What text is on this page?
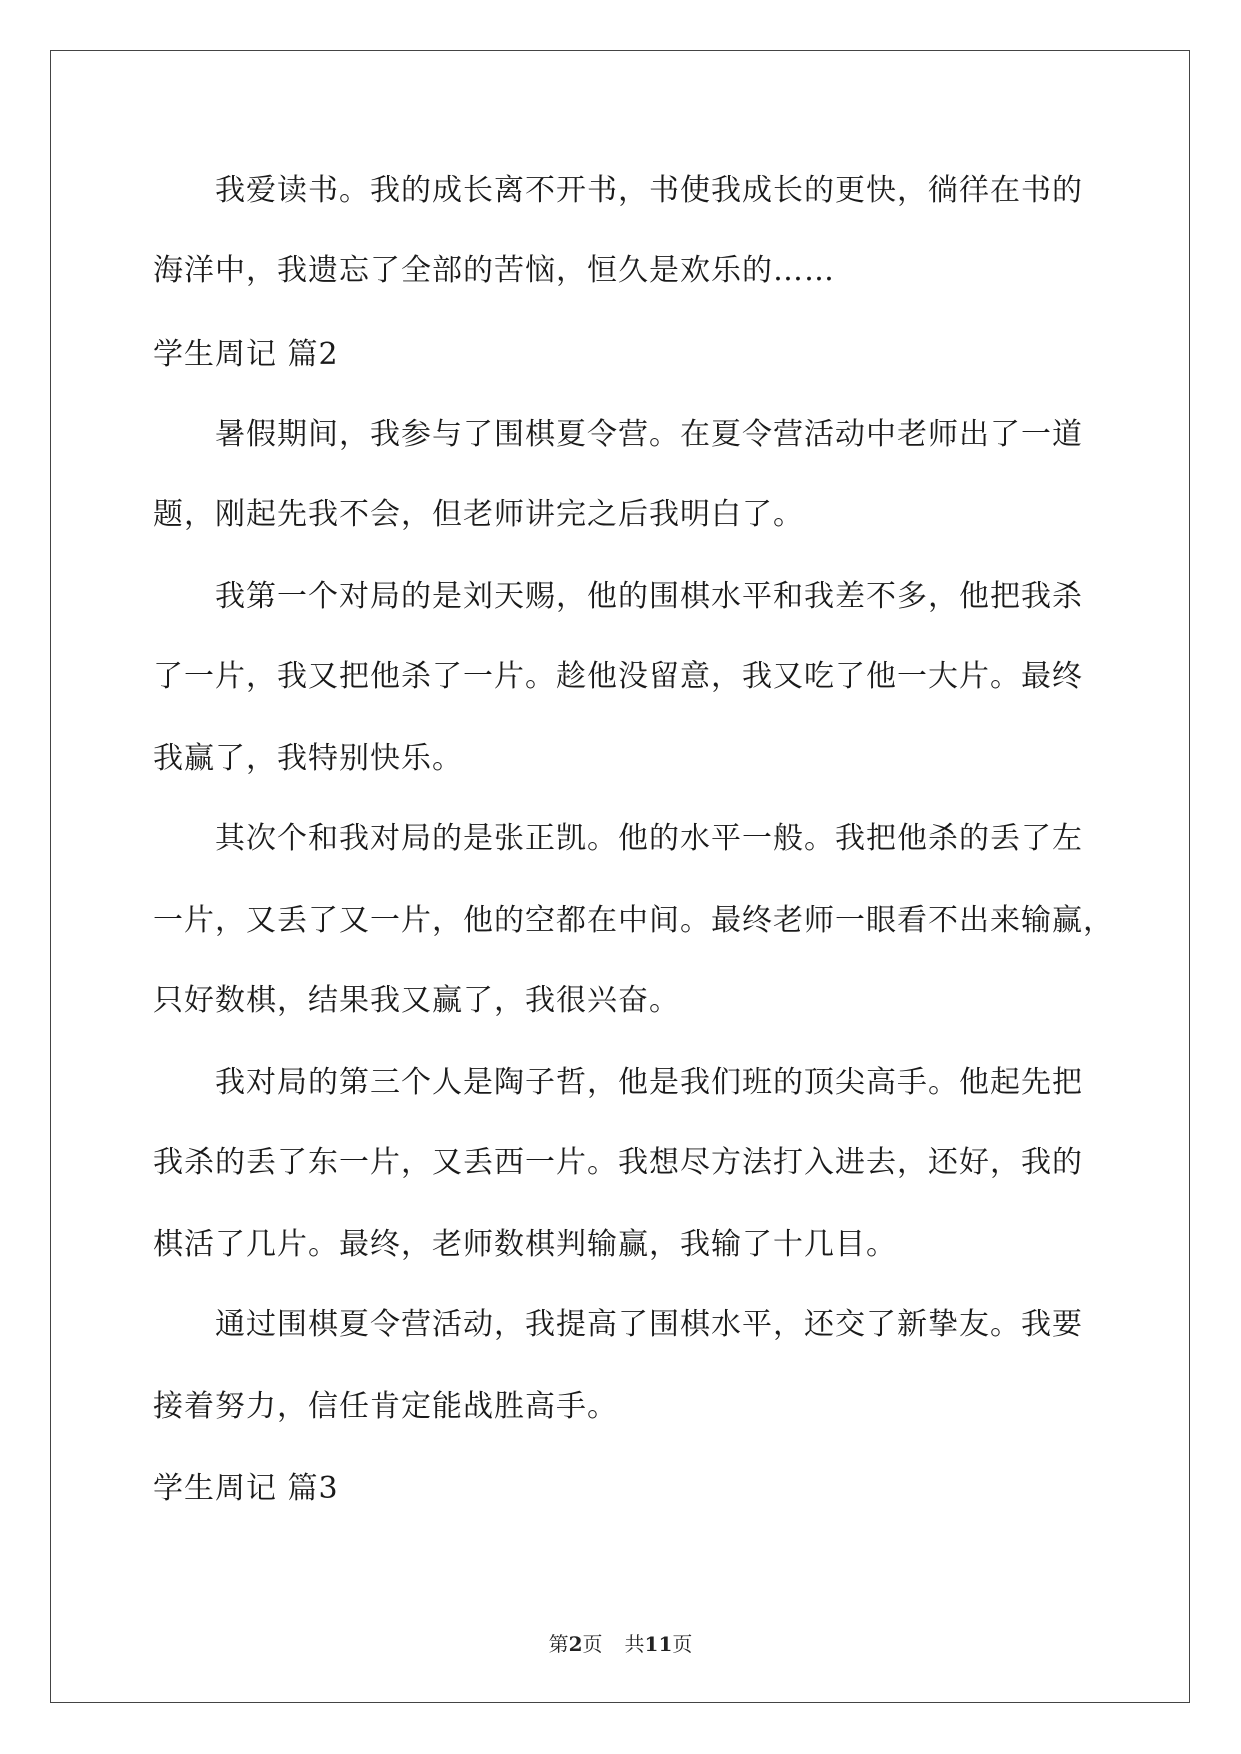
我爱读书。我的成长离不开书，书使我成长的更快，徜徉在书的
海洋中，我遗忘了全部的苦恼，恒久是欢乐的……
学生周记 篇2
暑假期间，我参与了围棋夏令营。在夏令营活动中老师出了一道
题，刚起先我不会，但老师讲完之后我明白了。
我第一个对局的是刘天赐，他的围棋水平和我差不多，他把我杀
了一片，我又把他杀了一片。趁他没留意，我又吃了他一大片。最终
我赢了，我特别快乐。
其次个和我对局的是张正凯。他的水平一般。我把他杀的丢了左
一片，又丢了又一片，他的空都在中间。最终老师一眼看不出来输赢，
只好数棋，结果我又赢了，我很兴奋。
我对局的第三个人是陶子哲，他是我们班的顶尖高手。他起先把
我杀的丢了东一片，又丢西一片。我想尽方法打入进去，还好，我的
棋活了几片。最终，老师数棋判输赢，我输了十几目。
通过围棋夏令营活动，我提高了围棋水平，还交了新挚友。我要
接着努力，信任肯定能战胜高手。
学生周记 篇3
第2页 共11页
